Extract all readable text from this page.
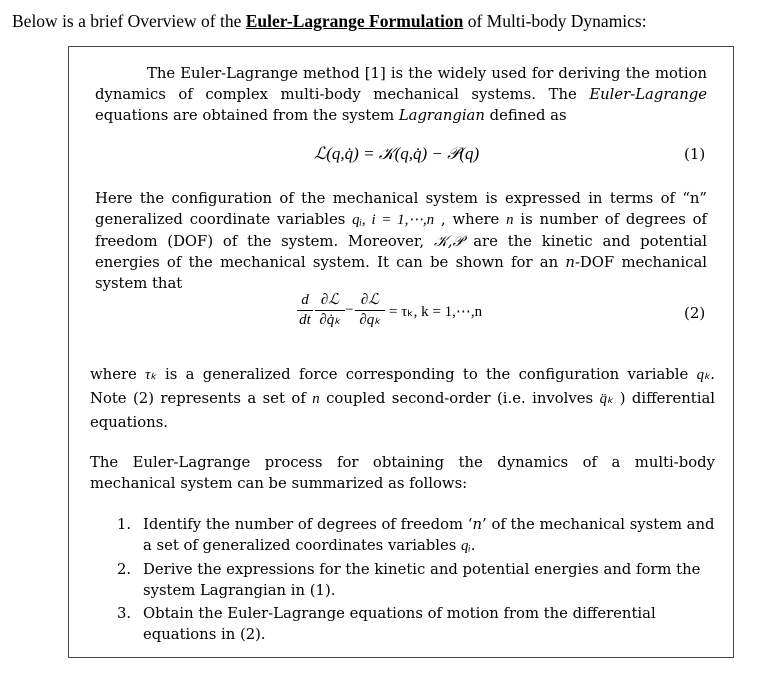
Below is a brief Overview of the Euler-Lagrange Formulation of Multi-body Dynamics:
The Euler-Lagrange method [1] is the widely used for deriving the motion dynamics of complex multi-body mechanical systems. The Euler-Lagrange equations are obtained from the system Lagrangian defined as
ℒ(q,q̇) = 𝒦(q,q̇) − 𝒫(q)	(1)
Here the configuration of the mechanical system is expressed in terms of “n” generalized coordinate variables qᵢ, i = 1,⋯,n , where n is number of degrees of freedom (DOF) of the system. Moreover, 𝒦,𝒫 are the kinetic and potential energies of the mechanical system. It can be shown for an n-DOF mechanical system that
d
dt
∂ℒ
∂q̇ₖ
−
∂ℒ
∂qₖ = τₖ, k = 1,⋯,n	(2)
where τₖ is a generalized force corresponding to the configuration variable qₖ. Note (2) represents a set of n coupled second-order (i.e. involves q̈ₖ ) differential equations.
The Euler-Lagrange process for obtaining the dynamics of a multi-body mechanical system can be summarized as follows:
1. Identify the number of degrees of freedom ‘n’ of the mechanical system and a set of generalized coordinates variables qᵢ.
2. Derive the expressions for the kinetic and potential energies and form the system Lagrangian in (1).
3. Obtain the Euler-Lagrange equations of motion from the differential equations in (2).
